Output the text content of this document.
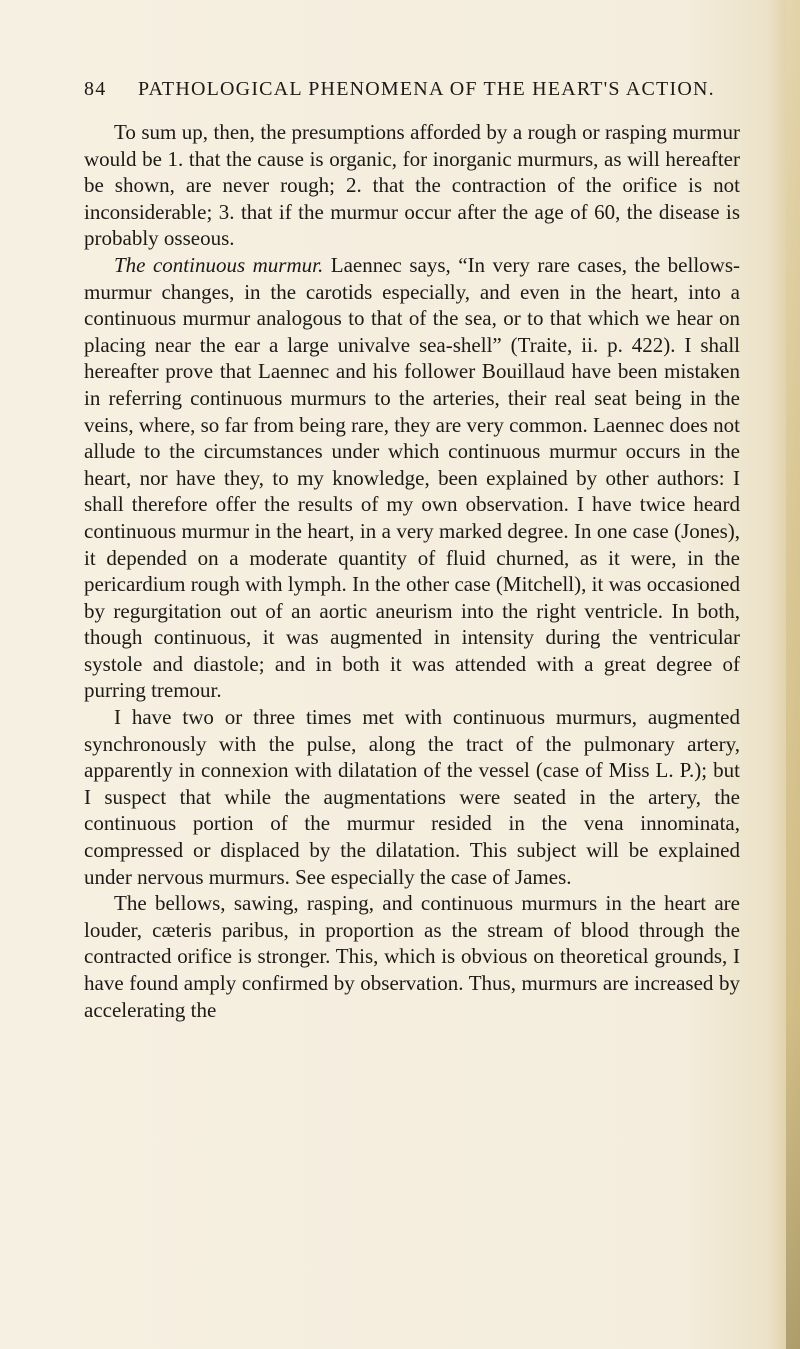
84 PATHOLOGICAL PHENOMENA OF THE HEART'S ACTION.

To sum up, then, the presumptions afforded by a rough or rasping murmur would be 1. that the cause is organic, for inorganic murmurs, as will hereafter be shown, are never rough; 2. that the contraction of the orifice is not inconsiderable; 3. that if the murmur occur after the age of 60, the disease is probably osseous.

The continuous murmur. Laennec says, “In very rare cases, the bellows-murmur changes, in the carotids especially, and even in the heart, into a continuous murmur analogous to that of the sea, or to that which we hear on placing near the ear a large univalve sea-shell” (Traite, ii. p. 422). I shall hereafter prove that Laennec and his follower Bouillaud have been mistaken in referring continuous murmurs to the arteries, their real seat being in the veins, where, so far from being rare, they are very common. Laennec does not allude to the circumstances under which continuous murmur occurs in the heart, nor have they, to my knowledge, been explained by other authors: I shall therefore offer the results of my own observation. I have twice heard continuous murmur in the heart, in a very marked degree. In one case (Jones), it depended on a moderate quantity of fluid churned, as it were, in the pericardium rough with lymph. In the other case (Mitchell), it was occasioned by regurgitation out of an aortic aneurism into the right ventricle. In both, though continuous, it was augmented in intensity during the ventricular systole and diastole; and in both it was attended with a great degree of purring tremour.

I have two or three times met with continuous murmurs, augmented synchronously with the pulse, along the tract of the pulmonary artery, apparently in connexion with dilatation of the vessel (case of Miss L. P.); but I suspect that while the augmentations were seated in the artery, the continuous portion of the murmur resided in the vena innominata, compressed or displaced by the dilatation. This subject will be explained under nervous murmurs. See especially the case of James.

The bellows, sawing, rasping, and continuous murmurs in the heart are louder, cæteris paribus, in proportion as the stream of blood through the contracted orifice is stronger. This, which is obvious on theoretical grounds, I have found amply confirmed by observation. Thus, murmurs are increased by accelerating the
